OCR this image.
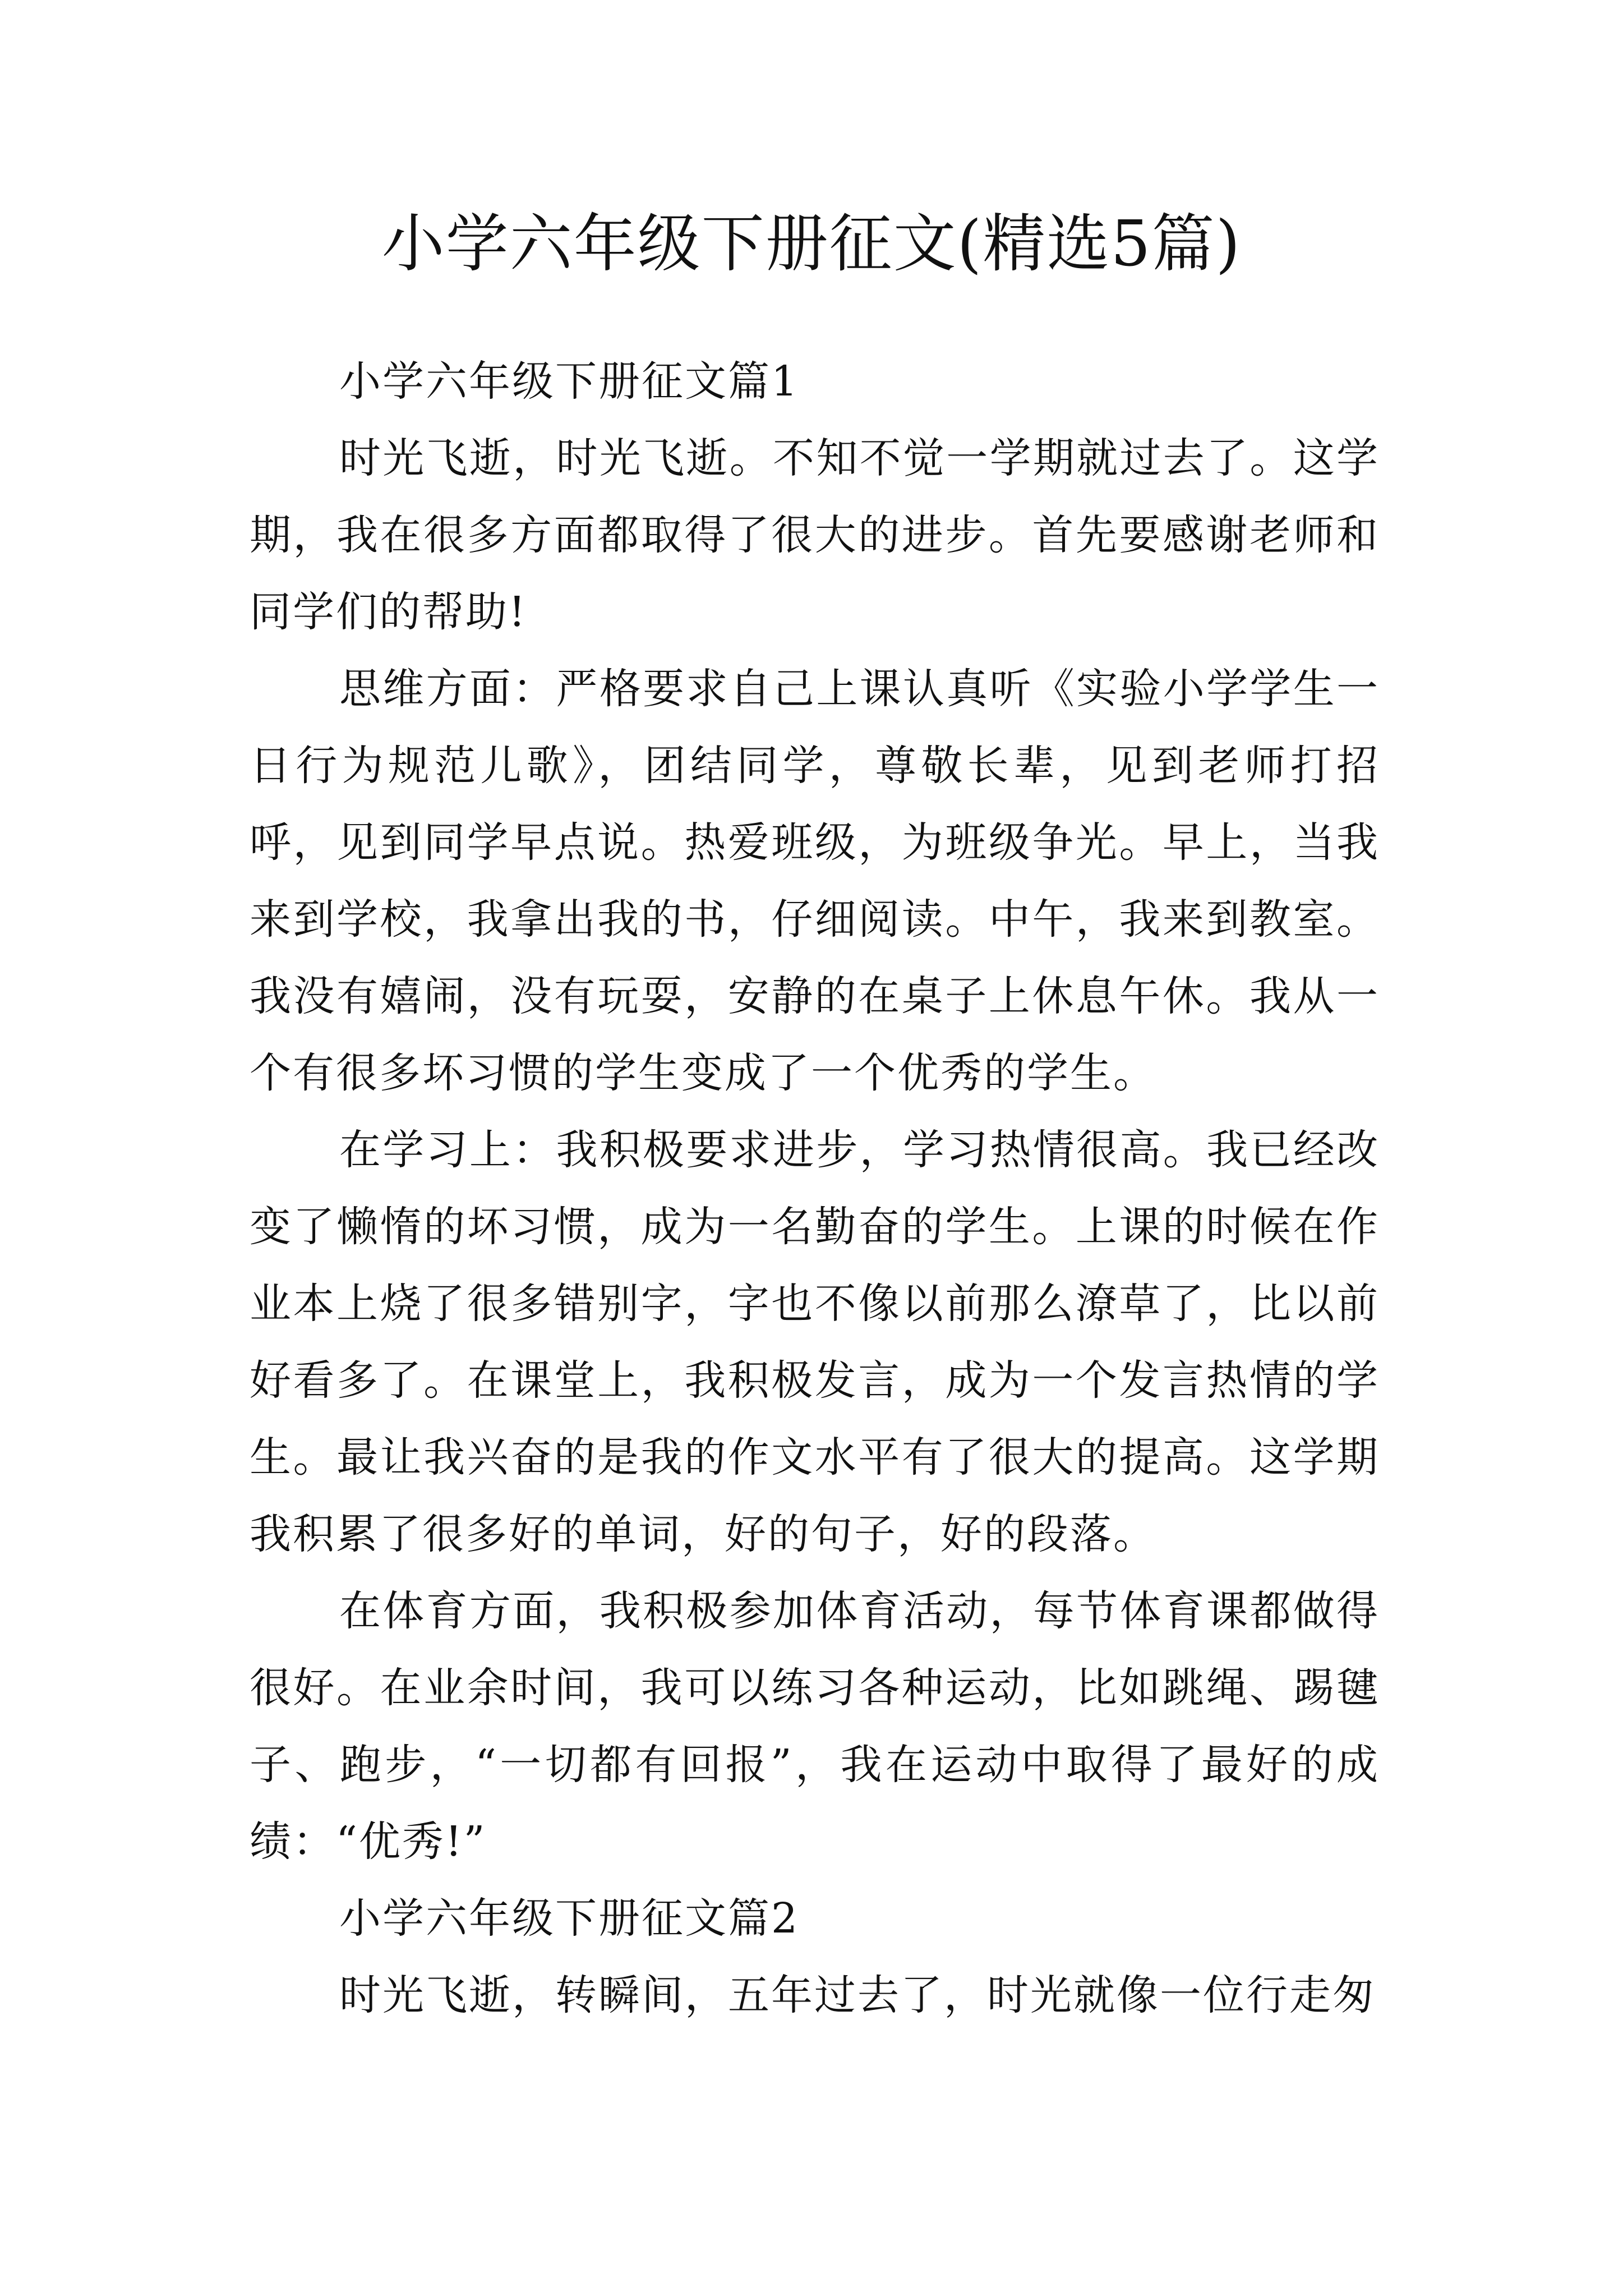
小学六年级下册征文(精选5篇)

小学六年级下册征文篇1

时光飞逝，时光飞逝。不知不觉一学期就过去了。这学期，我在很多方面都取得了很大的进步。首先要感谢老师和同学们的帮助!

思维方面：严格要求自己上课认真听《实验小学学生一日行为规范儿歌》，团结同学，尊敬长辈，见到老师打招呼，见到同学早点说。热爱班级，为班级争光。早上，当我来到学校，我拿出我的书，仔细阅读。中午，我来到教室。我没有嬉闹，没有玩耍，安静的在桌子上休息午休。我从一个有很多坏习惯的学生变成了一个优秀的学生。

在学习上：我积极要求进步，学习热情很高。我已经改变了懒惰的坏习惯，成为一名勤奋的学生。上课的时候在作业本上烧了很多错别字，字也不像以前那么潦草了，比以前好看多了。在课堂上，我积极发言，成为一个发言热情的学生。最让我兴奋的是我的作文水平有了很大的提高。这学期我积累了很多好的单词，好的句子，好的段落。

在体育方面，我积极参加体育活动，每节体育课都做得很好。在业余时间，我可以练习各种运动，比如跳绳、踢毽子、跑步，“一切都有回报”，我在运动中取得了最好的成绩：“优秀!”

小学六年级下册征文篇2

时光飞逝，转瞬间，五年过去了，时光就像一位行走匆
